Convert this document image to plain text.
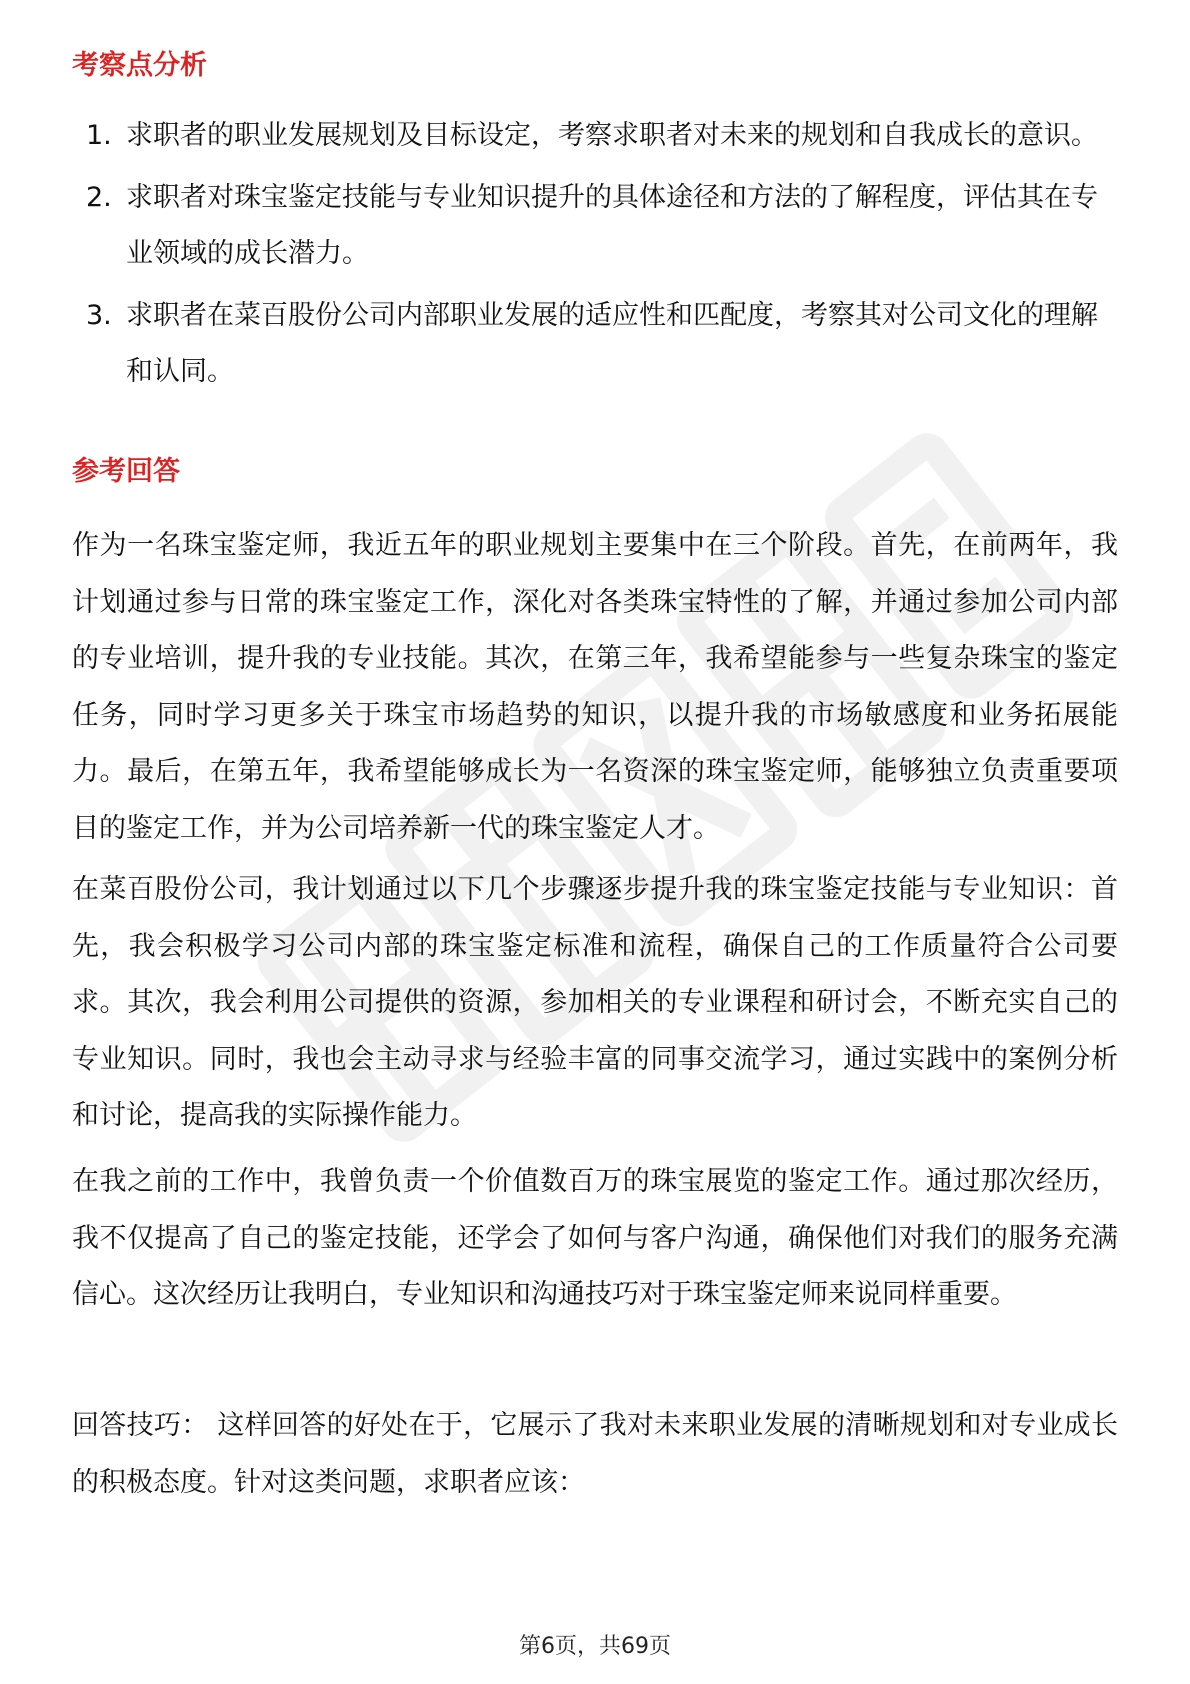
考察点分析
1. 求职者的职业发展规划及目标设定，考察求职者对未来的规划和自我成长的意识。
2. 求职者对珠宝鉴定技能与专业知识提升的具体途径和方法的了解程度，评估其在专业领域的成长潜力。
3. 求职者在菜百股份公司内部职业发展的适应性和匹配度，考察其对公司文化的理解和认同。
参考回答

作为一名珠宝鉴定师，我近五年的职业规划主要集中在三个阶段。首先，在前两年，我计划通过参与日常的珠宝鉴定工作，深化对各类珠宝特性的了解，并通过参加公司内部的专业培训，提升我的专业技能。其次，在第三年，我希望能参与一些复杂珠宝的鉴定任务，同时学习更多关于珠宝市场趋势的知识，以提升我的市场敏感度和业务拓展能力。最后，在第五年，我希望能够成长为一名资深的珠宝鉴定师，能够独立负责重要项目的鉴定工作，并为公司培养新一代的珠宝鉴定人才。

在菜百股份公司，我计划通过以下几个步骤逐步提升我的珠宝鉴定技能与专业知识：首先，我会积极学习公司内部的珠宝鉴定标准和流程，确保自己的工作质量符合公司要求。其次，我会利用公司提供的资源，参加相关的专业课程和研讨会，不断充实自己的专业知识。同时，我也会主动寻求与经验丰富的同事交流学习，通过实践中的案例分析和讨论，提高我的实际操作能力。

在我之前的工作中，我曾负责一个价值数百万的珠宝展览的鉴定工作。通过那次经历，我不仅提高了自己的鉴定技能，还学会了如何与客户沟通，确保他们对我们的服务充满信心。这次经历让我明白，专业知识和沟通技巧对于珠宝鉴定师来说同样重要。

回答技巧： 这样回答的好处在于，它展示了我对未来职业发展的清晰规划和对专业成长的积极态度。针对这类问题，求职者应该：

第6页，共69页
